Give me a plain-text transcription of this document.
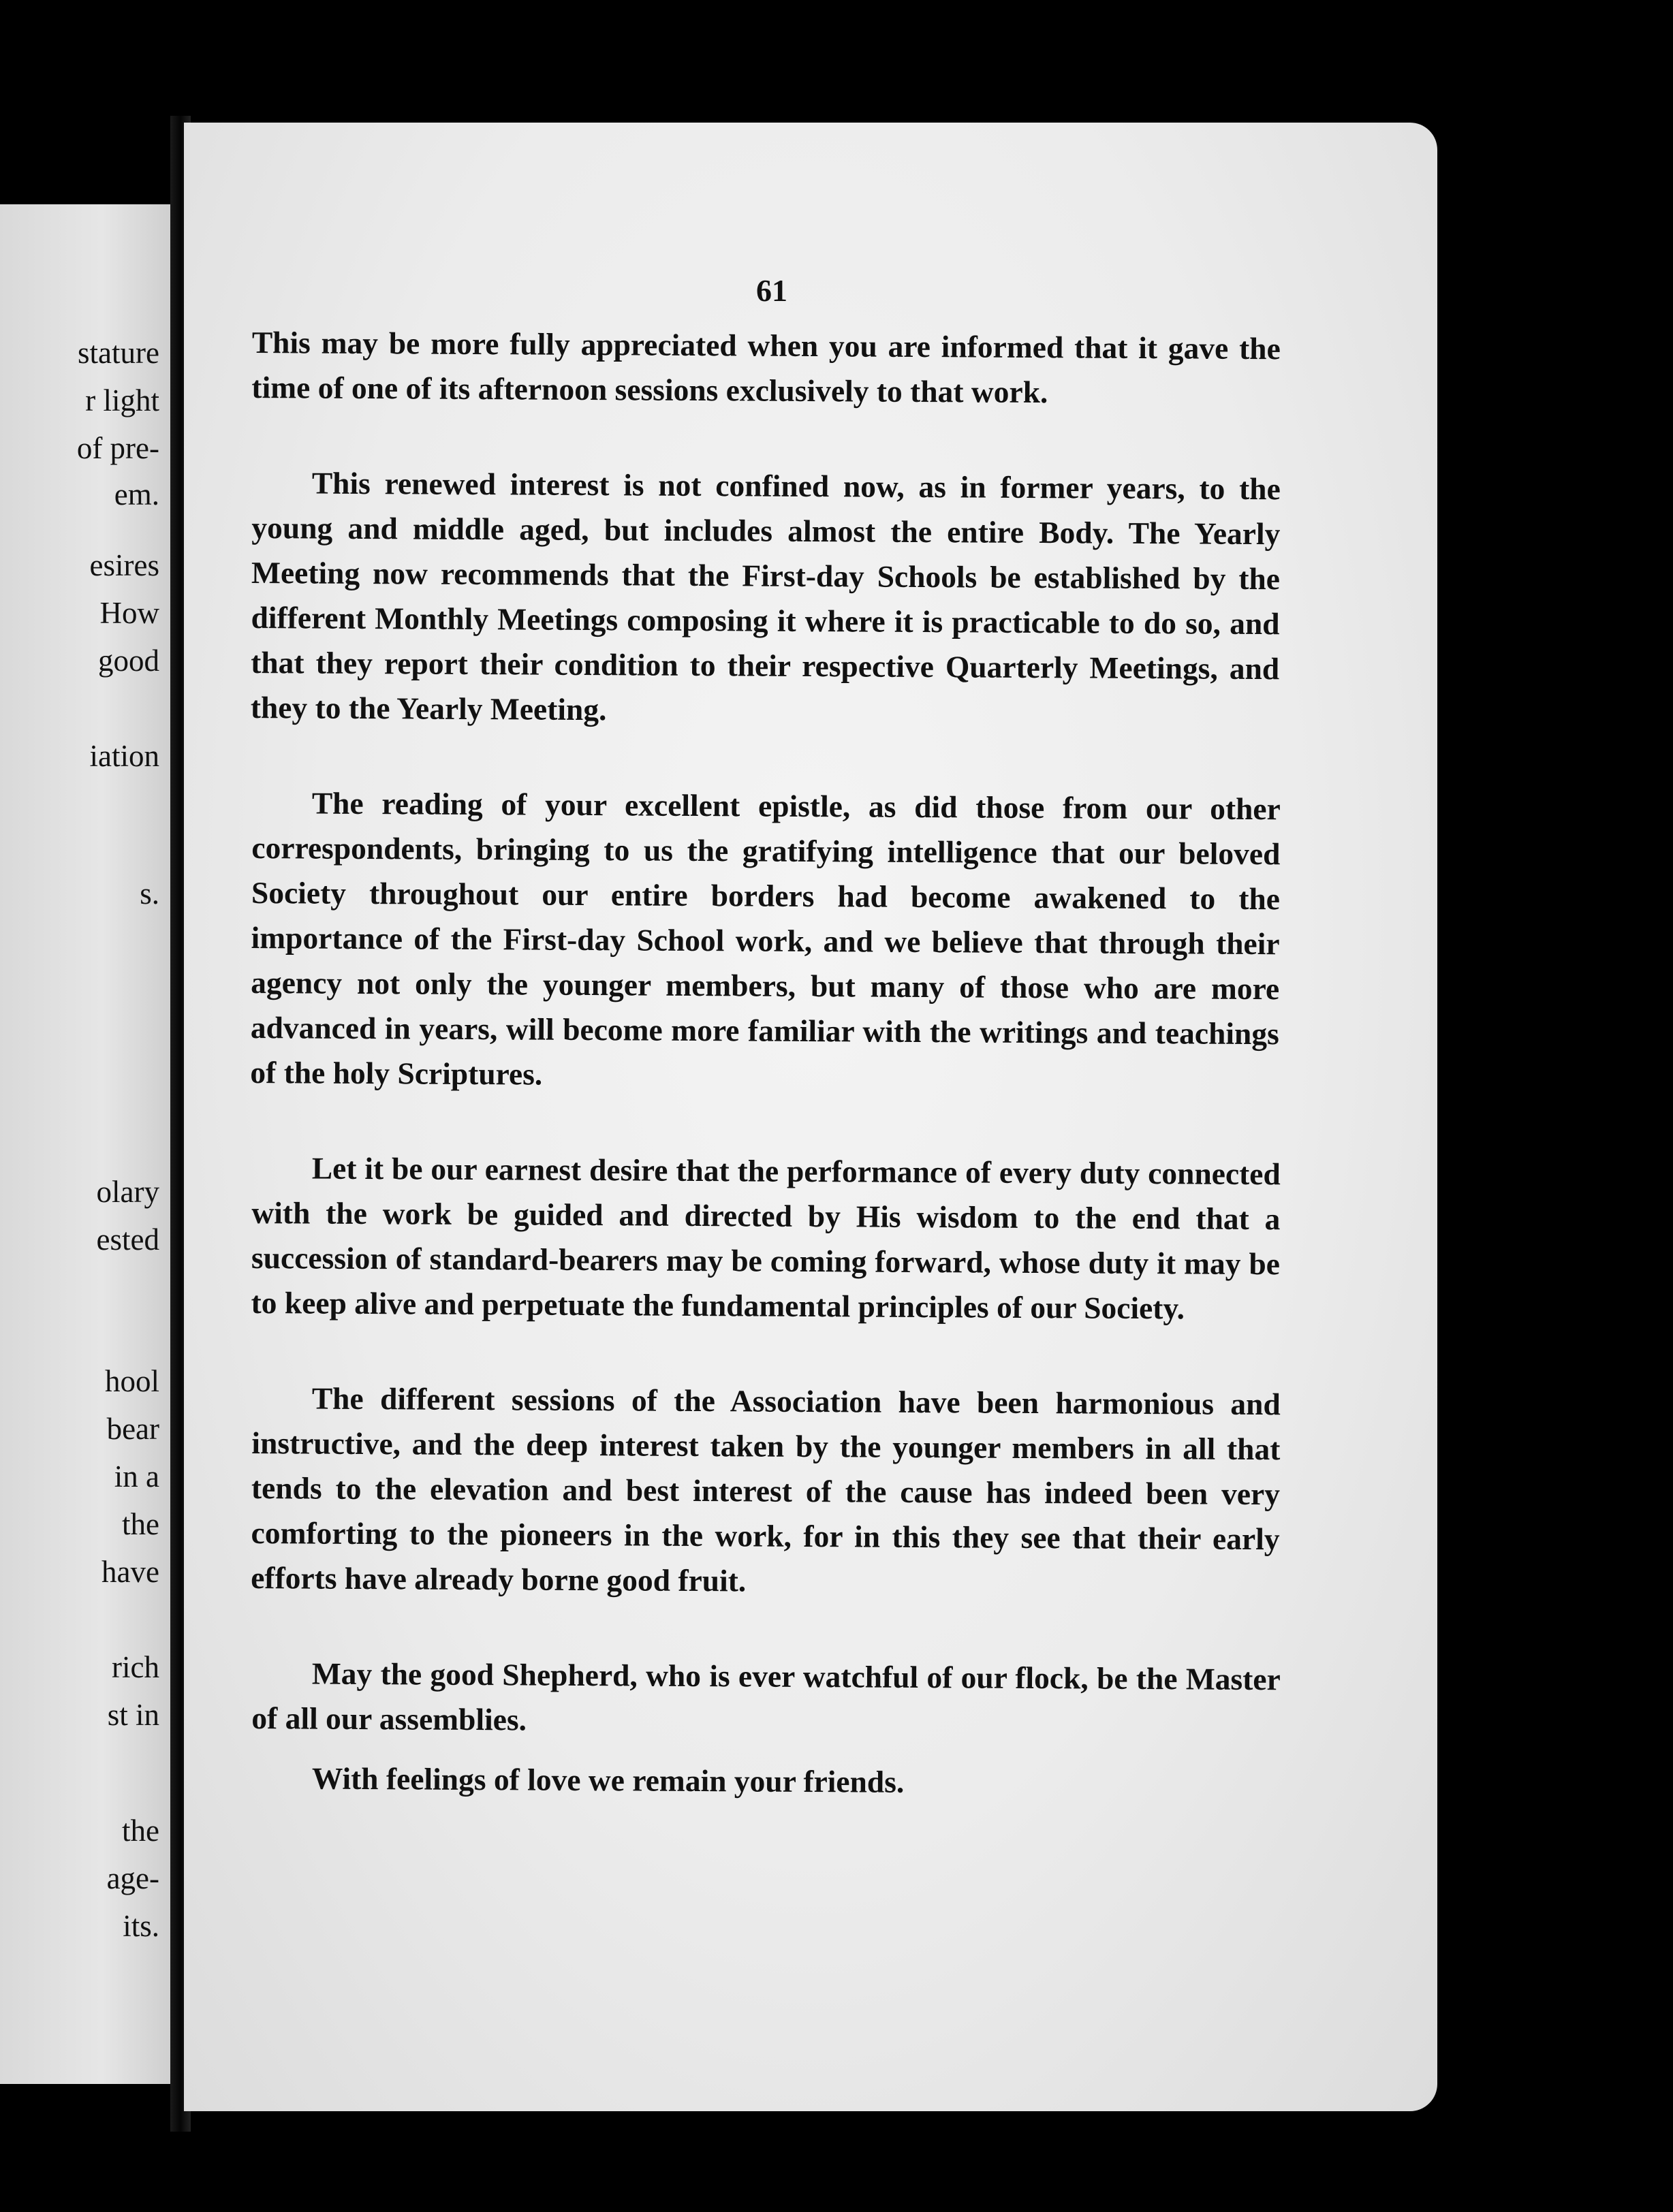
stature
r light
of pre-
em.
esires
How
good
iation
s.
olary
ested
hool
bear
in a
the
have
rich
st in
the
age-
its.
61

This may be more fully appreciated when you are informed that it gave the time of one of its afternoon sessions exclusively to that work.

This renewed interest is not confined now, as in former years, to the young and middle aged, but includes almost the entire Body. The Yearly Meeting now recommends that the First-day Schools be established by the different Monthly Meetings composing it where it is practicable to do so, and that they report their condition to their respective Quarterly Meetings, and they to the Yearly Meeting.

The reading of your excellent epistle, as did those from our other correspondents, bringing to us the gratifying intelligence that our beloved Society throughout our entire borders had become awakened to the importance of the First-day School work, and we believe that through their agency not only the younger members, but many of those who are more advanced in years, will become more familiar with the writings and teachings of the holy Scriptures.

Let it be our earnest desire that the performance of every duty connected with the work be guided and directed by His wisdom to the end that a succession of standard-bearers may be coming forward, whose duty it may be to keep alive and perpetuate the fundamental principles of our Society.

The different sessions of the Association have been harmonious and instructive, and the deep interest taken by the younger members in all that tends to the elevation and best interest of the cause has indeed been very comforting to the pioneers in the work, for in this they see that their early efforts have already borne good fruit.

May the good Shepherd, who is ever watchful of our flock, be the Master of all our assemblies.

With feelings of love we remain your friends.
